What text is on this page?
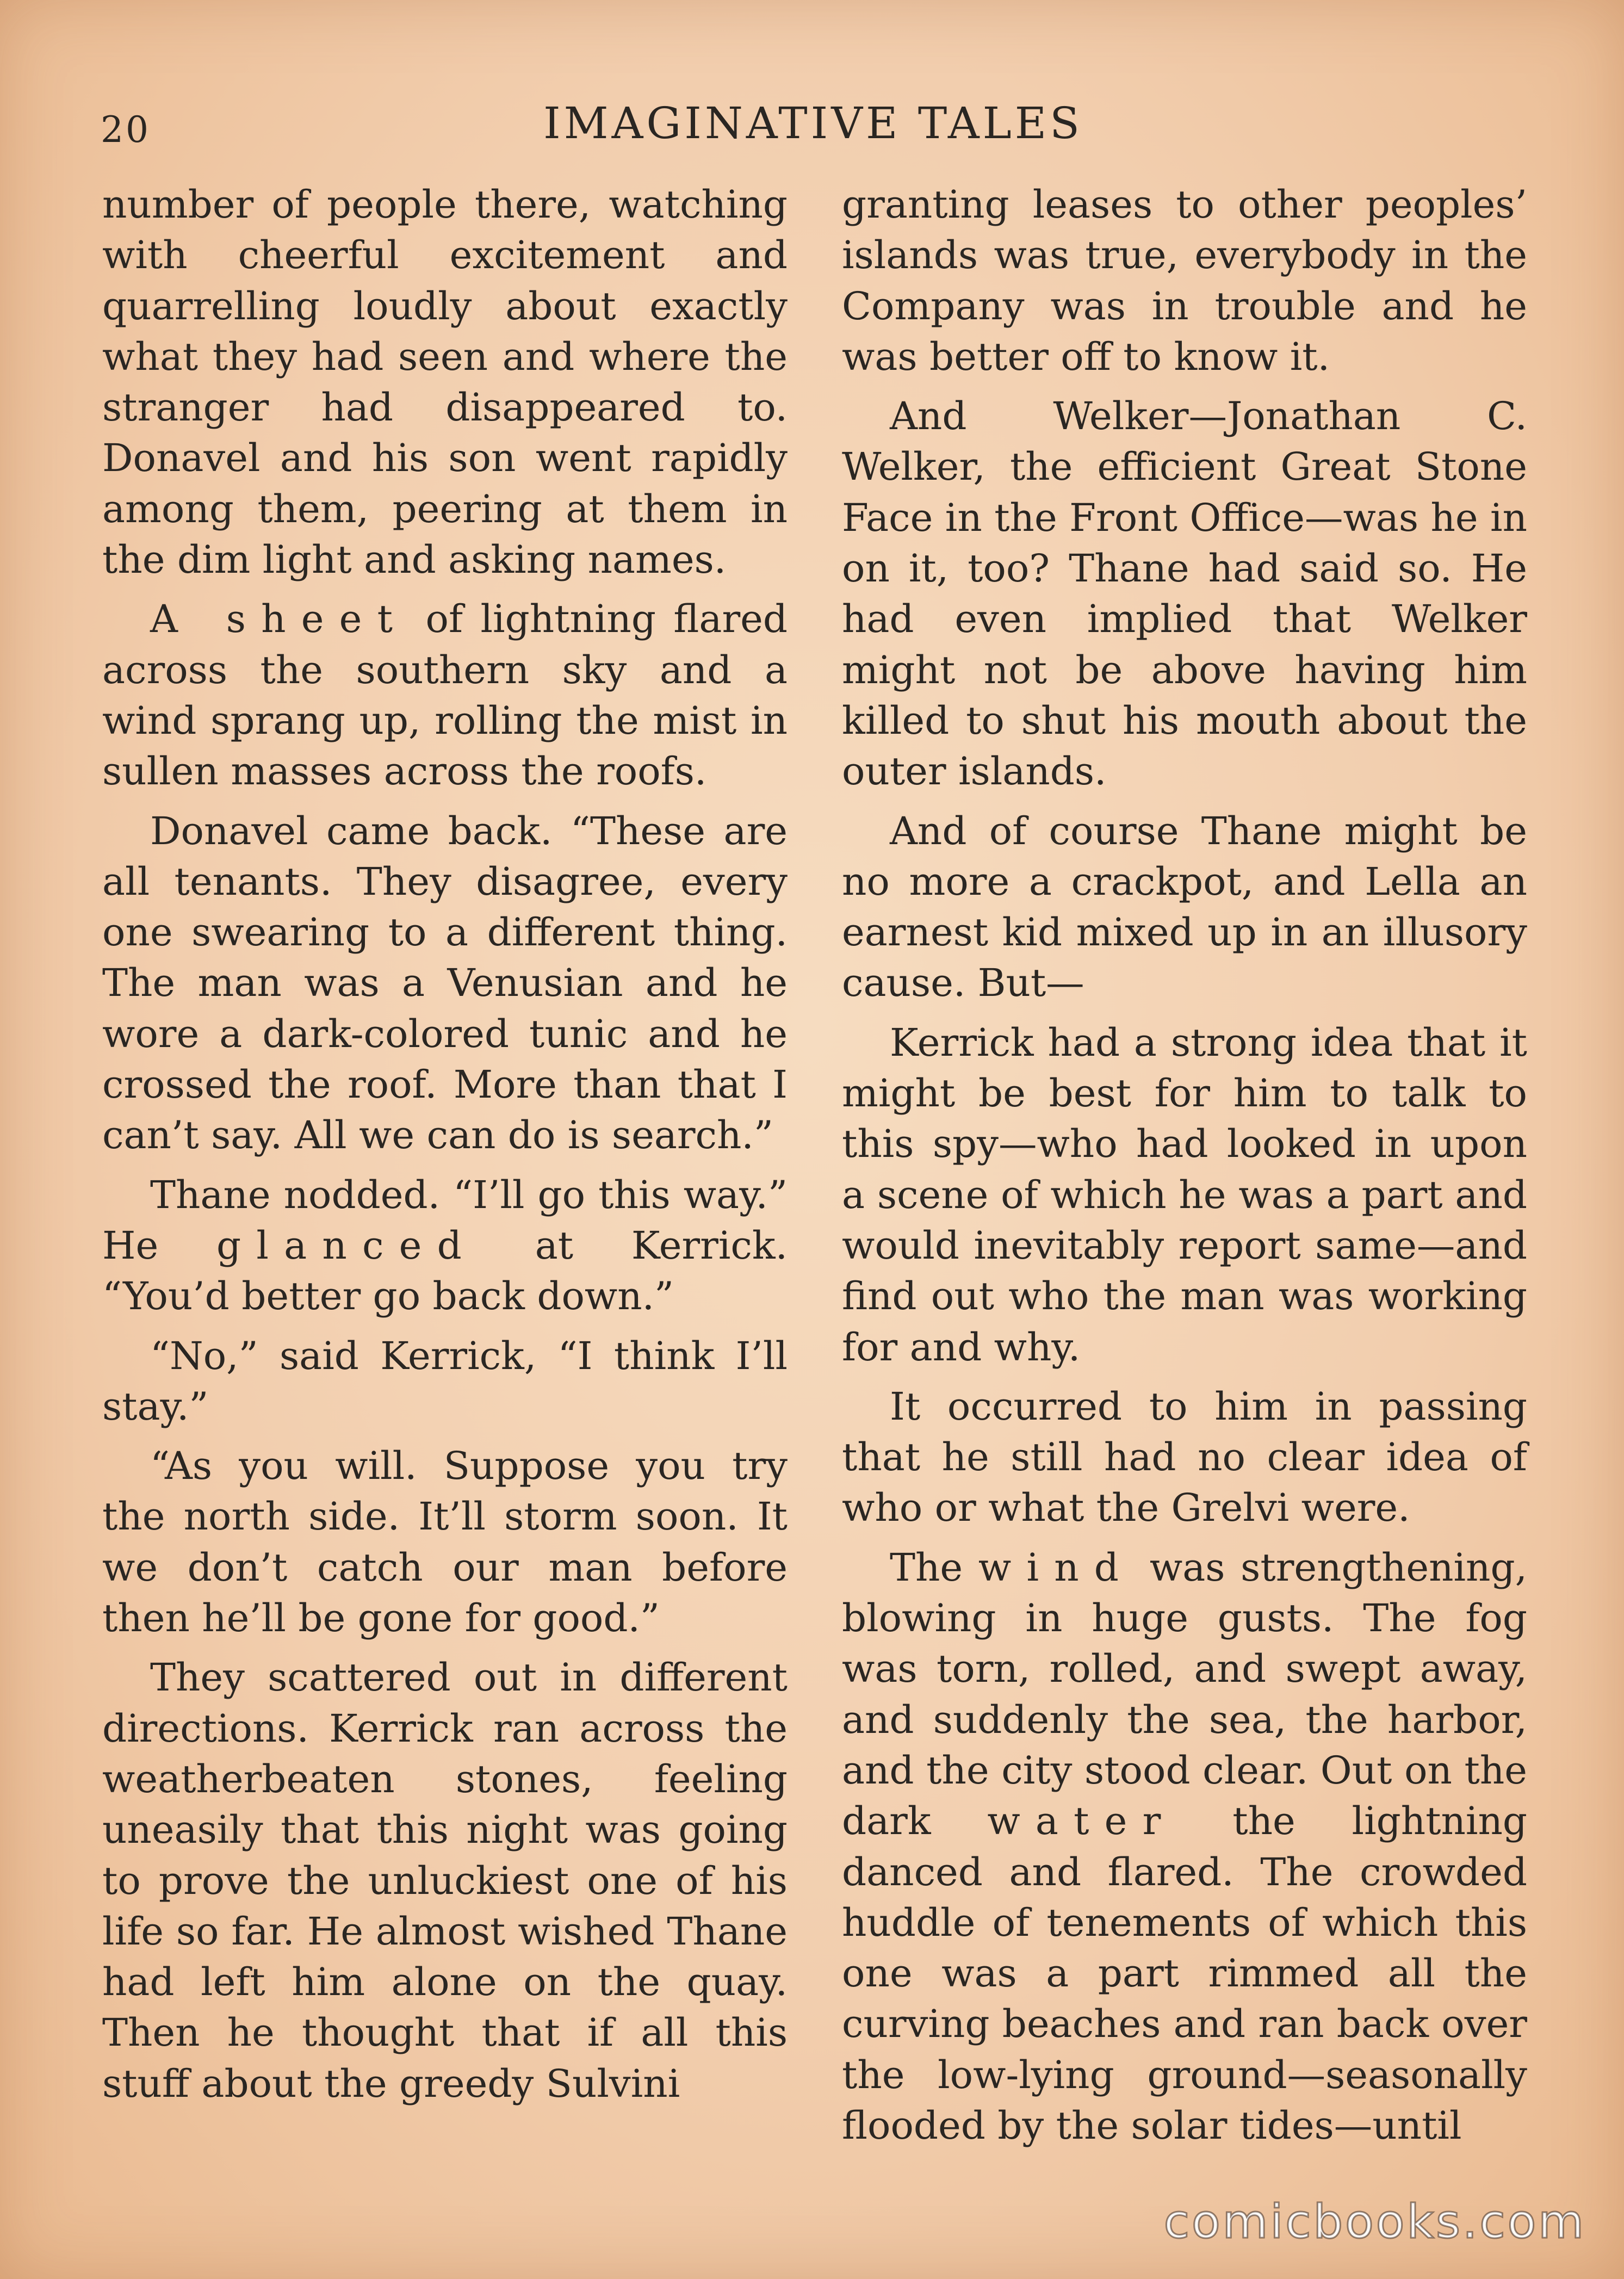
20	IMAGINATIVE TALES

number of people there, watching with cheerful excitement and quarrelling loudly about exactly what they had seen and where the stranger had disappeared to. Donavel and his son went rapidly among them, peering at them in the dim light and asking names.

A sheet of lightning flared across the southern sky and a wind sprang up, rolling the mist in sullen masses across the roofs.

Donavel came back. “These are all tenants. They disagree, every one swearing to a different thing. The man was a Venusian and he wore a dark-colored tunic and he crossed the roof. More than that I can’t say. All we can do is search.”

Thane nodded. “I’ll go this way.” He glanced at Kerrick. “You’d better go back down.”

“No,” said Kerrick, “I think I’ll stay.”

“As you will. Suppose you try the north side. It’ll storm soon. It we don’t catch our man before then he’ll be gone for good.”

They scattered out in different directions. Kerrick ran across the weatherbeaten stones, feeling uneasily that this night was going to prove the unluckiest one of his life so far. He almost wished Thane had left him alone on the quay. Then he thought that if all this stuff about the greedy Sulvini

granting leases to other peoples’ islands was true, everybody in the Company was in trouble and he was better off to know it.

And Welker—Jonathan C. Welker, the efficient Great Stone Face in the Front Office—was he in on it, too? Thane had said so. He had even implied that Welker might not be above having him killed to shut his mouth about the outer islands.

And of course Thane might be no more a crackpot, and Lella an earnest kid mixed up in an illusory cause. But—

Kerrick had a strong idea that it might be best for him to talk to this spy—who had looked in upon a scene of which he was a part and would inevitably report same—and find out who the man was working for and why.

It occurred to him in passing that he still had no clear idea of who or what the Grelvi were.

The wind was strengthening, blowing in huge gusts. The fog was torn, rolled, and swept away, and suddenly the sea, the harbor, and the city stood clear. Out on the dark water the lightning danced and flared. The crowded huddle of tenements of which this one was a part rimmed all the curving beaches and ran back over the low-lying ground—seasonally flooded by the solar tides—until

comicbooks.com
